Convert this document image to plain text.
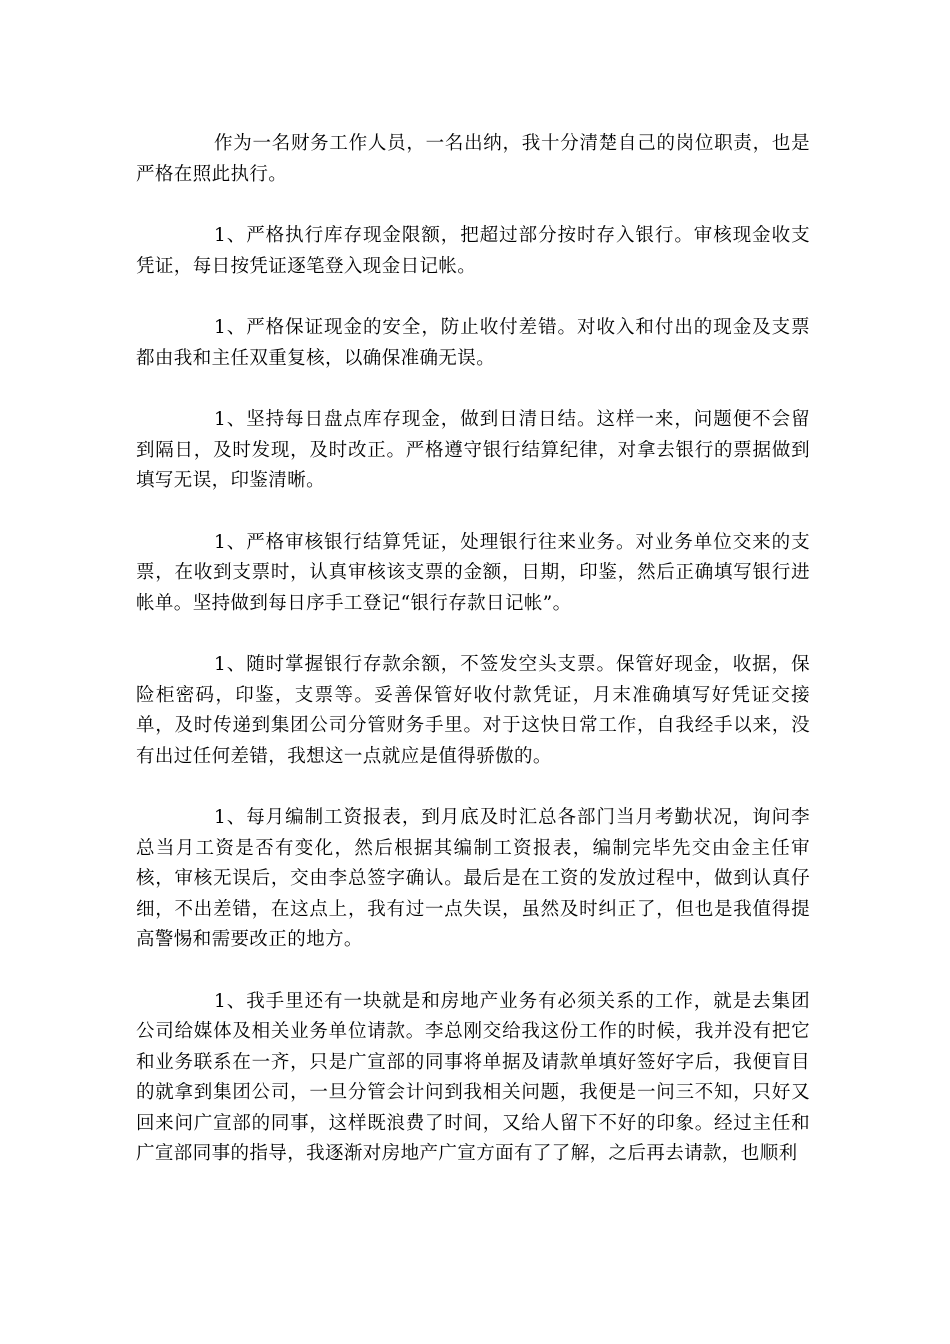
作为一名财务工作人员，一名出纳，我十分清楚自己的岗位职责，也是严格在照此执行。

1、严格执行库存现金限额，把超过部分按时存入银行。审核现金收支凭证，每日按凭证逐笔登入现金日记帐。

1、严格保证现金的安全，防止收付差错。对收入和付出的现金及支票都由我和主任双重复核，以确保准确无误。

1、坚持每日盘点库存现金，做到日清日结。这样一来，问题便不会留到隔日，及时发现，及时改正。严格遵守银行结算纪律，对拿去银行的票据做到填写无误，印鉴清晰。

1、严格审核银行结算凭证，处理银行往来业务。对业务单位交来的支票，在收到支票时，认真审核该支票的金额，日期，印鉴，然后正确填写银行进帐单。坚持做到每日序手工登记“银行存款日记帐”。

1、随时掌握银行存款余额，不签发空头支票。保管好现金，收据，保险柜密码，印鉴，支票等。妥善保管好收付款凭证，月末准确填写好凭证交接单，及时传递到集团公司分管财务手里。对于这快日常工作，自我经手以来，没有出过任何差错，我想这一点就应是值得骄傲的。

1、每月编制工资报表，到月底及时汇总各部门当月考勤状况，询问李总当月工资是否有变化，然后根据其编制工资报表，编制完毕先交由金主任审核，审核无误后，交由李总签字确认。最后是在工资的发放过程中，做到认真仔细，不出差错，在这点上，我有过一点失误，虽然及时纠正了，但也是我值得提高警惕和需要改正的地方。

1、我手里还有一块就是和房地产业务有必须关系的工作，就是去集团公司给媒体及相关业务单位请款。李总刚交给我这份工作的时候，我并没有把它和业务联系在一齐，只是广宣部的同事将单据及请款单填好签好字后，我便盲目的就拿到集团公司，一旦分管会计问到我相关问题，我便是一问三不知，只好又回来问广宣部的同事，这样既浪费了时间，又给人留下不好的印象。经过主任和广宣部同事的指导，我逐渐对房地产广宣方面有了了解，之后再去请款，也顺利
